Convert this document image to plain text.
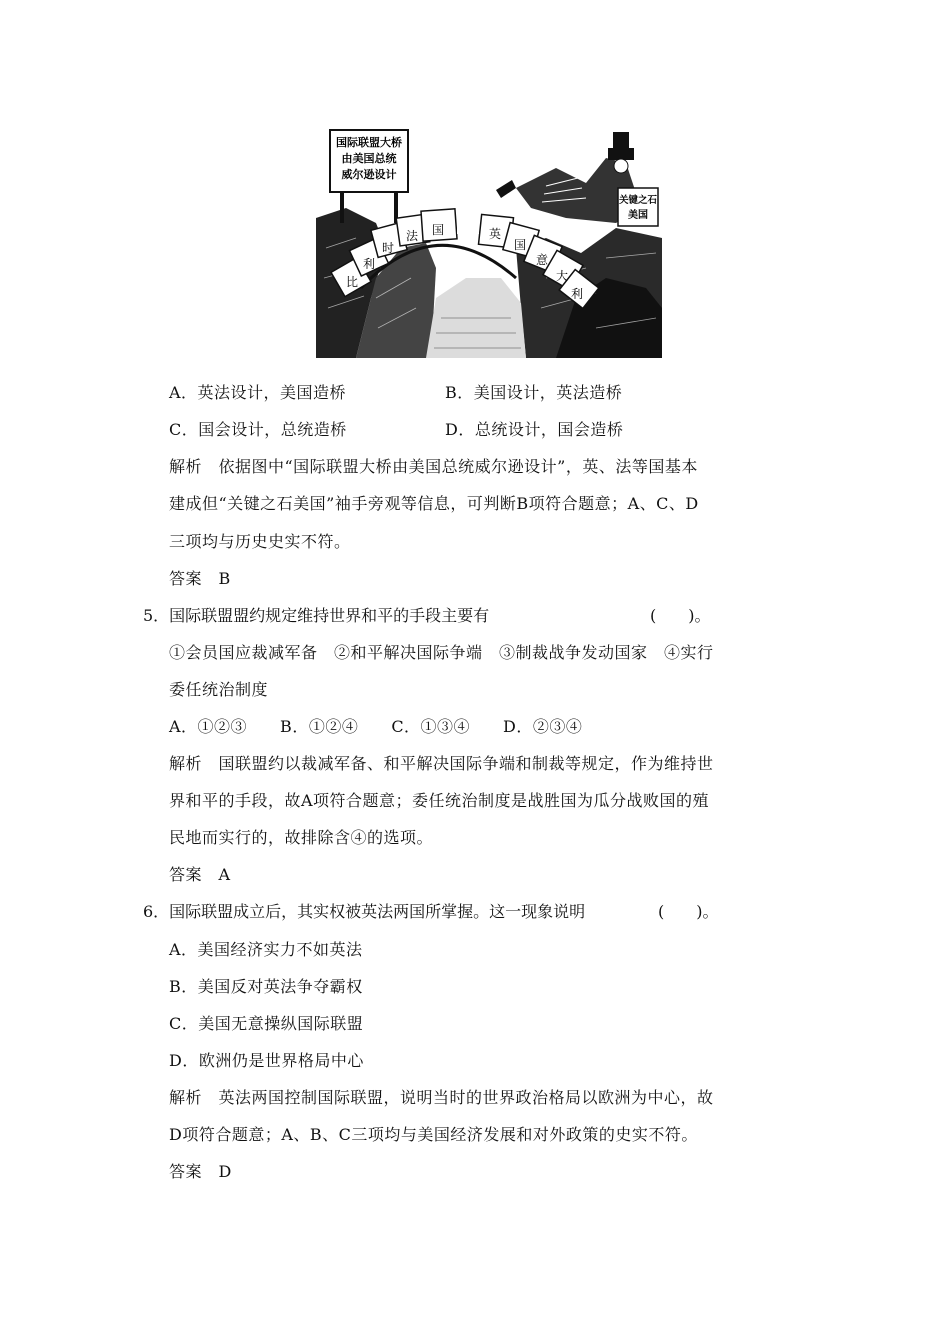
国际联盟大桥
由美国总统
威尔逊设计
比
利
时
法 国	英
国
意
大
利
关键之石
美国
A．英法设计，美国造桥	B．美国设计，英法造桥
C．国会设计，总统造桥	D．总统设计，国会造桥
解析　依据图中“国际联盟大桥由美国总统威尔逊设计”，英、法等国基本
建成但“关键之石美国”袖手旁观等信息，可判断B项符合题意；A、C、D
三项均与历史史实不符。
答案　B
5．国际联盟盟约规定维持世界和平的手段主要有	(　　)。
①会员国应裁减军备　②和平解决国际争端　③制裁战争发动国家　④实行
委任统治制度
A．①②③　　B．①②④　　C．①③④　　D．②③④
解析　国联盟约以裁减军备、和平解决国际争端和制裁等规定，作为维持世
界和平的手段，故A项符合题意；委任统治制度是战胜国为瓜分战败国的殖
民地而实行的，故排除含④的选项。
答案　A
6．国际联盟成立后，其实权被英法两国所掌握。这一现象说明	(　　)。
A．美国经济实力不如英法
B．美国反对英法争夺霸权
C．美国无意操纵国际联盟
D．欧洲仍是世界格局中心
解析　英法两国控制国际联盟，说明当时的世界政治格局以欧洲为中心，故
D项符合题意；A、B、C三项均与美国经济发展和对外政策的史实不符。
答案　D
